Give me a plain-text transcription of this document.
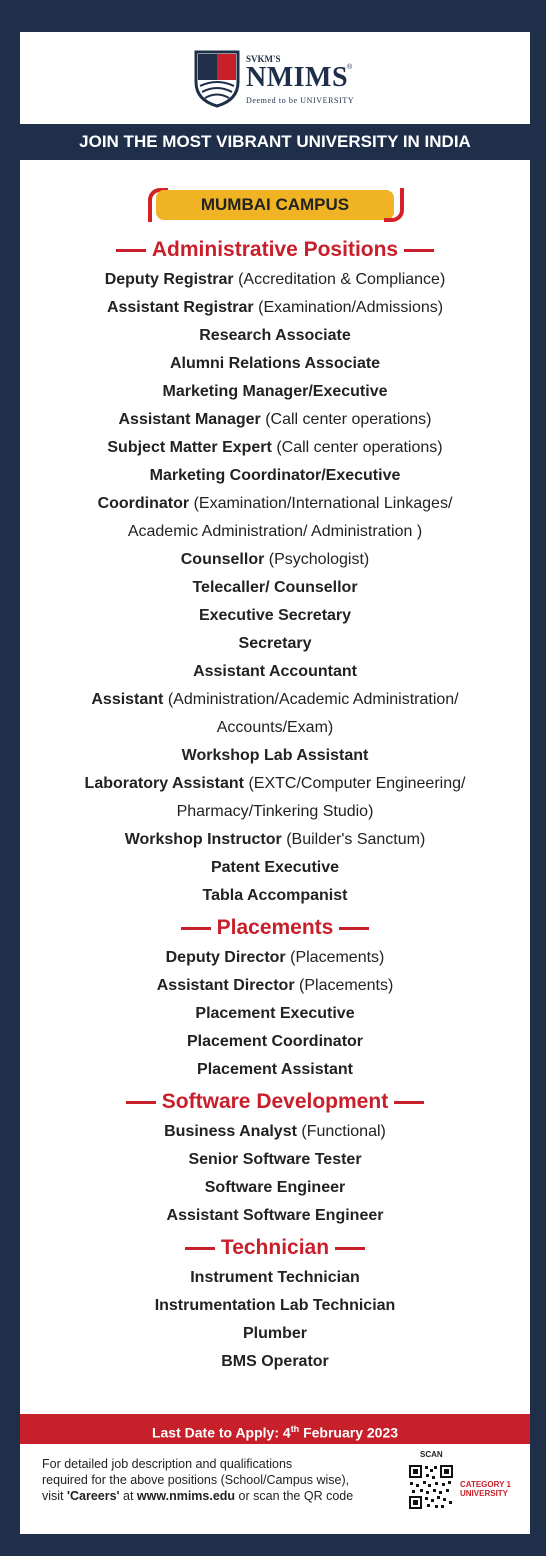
SVKM'S
NMIMS
®
Deemed to be UNIVERSITY
JOIN THE MOST VIBRANT UNIVERSITY IN INDIA
MUMBAI CAMPUS
Administrative Positions
Deputy Registrar (Accreditation & Compliance)
Assistant Registrar (Examination/Admissions)
Research Associate
Alumni Relations Associate
Marketing Manager/Executive
Assistant Manager (Call center operations)
Subject Matter Expert (Call center operations)
Marketing Coordinator/Executive
Coordinator (Examination/International Linkages/
Academic Administration/ Administration )
Counsellor (Psychologist)
Telecaller/ Counsellor
Executive Secretary
Secretary
Assistant Accountant
Assistant (Administration/Academic Administration/
Accounts/Exam)
Workshop Lab Assistant
Laboratory Assistant (EXTC/Computer Engineering/
Pharmacy/Tinkering Studio)
Workshop Instructor (Builder's Sanctum)
Patent Executive
Tabla Accompanist
Placements
Deputy Director (Placements)
Assistant Director (Placements)
Placement Executive
Placement Coordinator
Placement Assistant
Software Development
Business Analyst (Functional)
Senior Software Tester
Software Engineer
Assistant Software Engineer
Technician
Instrument Technician
Instrumentation Lab Technician
Plumber
BMS Operator
Last Date to Apply: 4th February 2023
For detailed job description and qualifications
required for the above positions (School/Campus wise),
visit 'Careers' at www.nmims.edu or scan the QR code
SCAN
CATEGORY 1
UNIVERSITY
